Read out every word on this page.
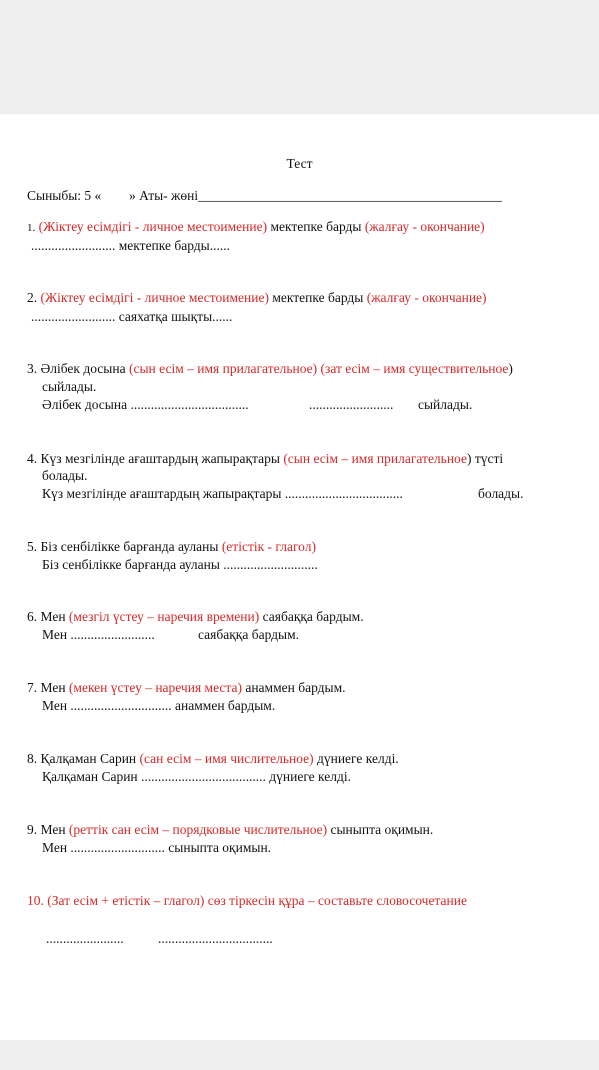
Тест
Сыныбы: 5 « » Аты- жөні_____________________________________________
1. (Жіктеу есімдігі - личное местоимение) мектепке барды (жалғау - окончание)
......................... мектепке барды......
2. (Жіктеу есімдігі - личное местоимение) мектепке барды (жалғау - окончание)
......................... саяхатқа шықты......
3. Әлібек досына (сын есім – имя прилагательное) (зат есім – имя существительное)
сыйлады.
Әлібек досына ...................................	......................... сыйлады.
4. Күз мезгілінде ағаштардың жапырақтары (сын есім – имя прилагательное) түсті
болады.
Күз мезгілінде ағаштардың жапырақтары ...................................	болады.
5. Біз сенбілікке барғанда ауланы (етістік - глагол)
Біз сенбілікке барғанда ауланы ............................
6. Мен (мезгіл үстеу – наречия времени) саябаққа бардым.
Мен .........................	саябаққа бардым.
7. Мен (мекен үстеу – наречия места) анаммен бардым.
Мен .............................. анаммен бардым.
8. Қалқаман Сарин (сан есім – имя числительное) дүниеге келді.
Қалқаман Сарин ..................................... дүниеге келді.
9. Мен (реттік сан есім – порядковые числительное) сыныпта оқимын.
Мен ............................ сыныпта оқимын.
10. (Зат есім + етістік – глагол) сөз тіркесін құра – составьте словосочетание
.......................	..................................
